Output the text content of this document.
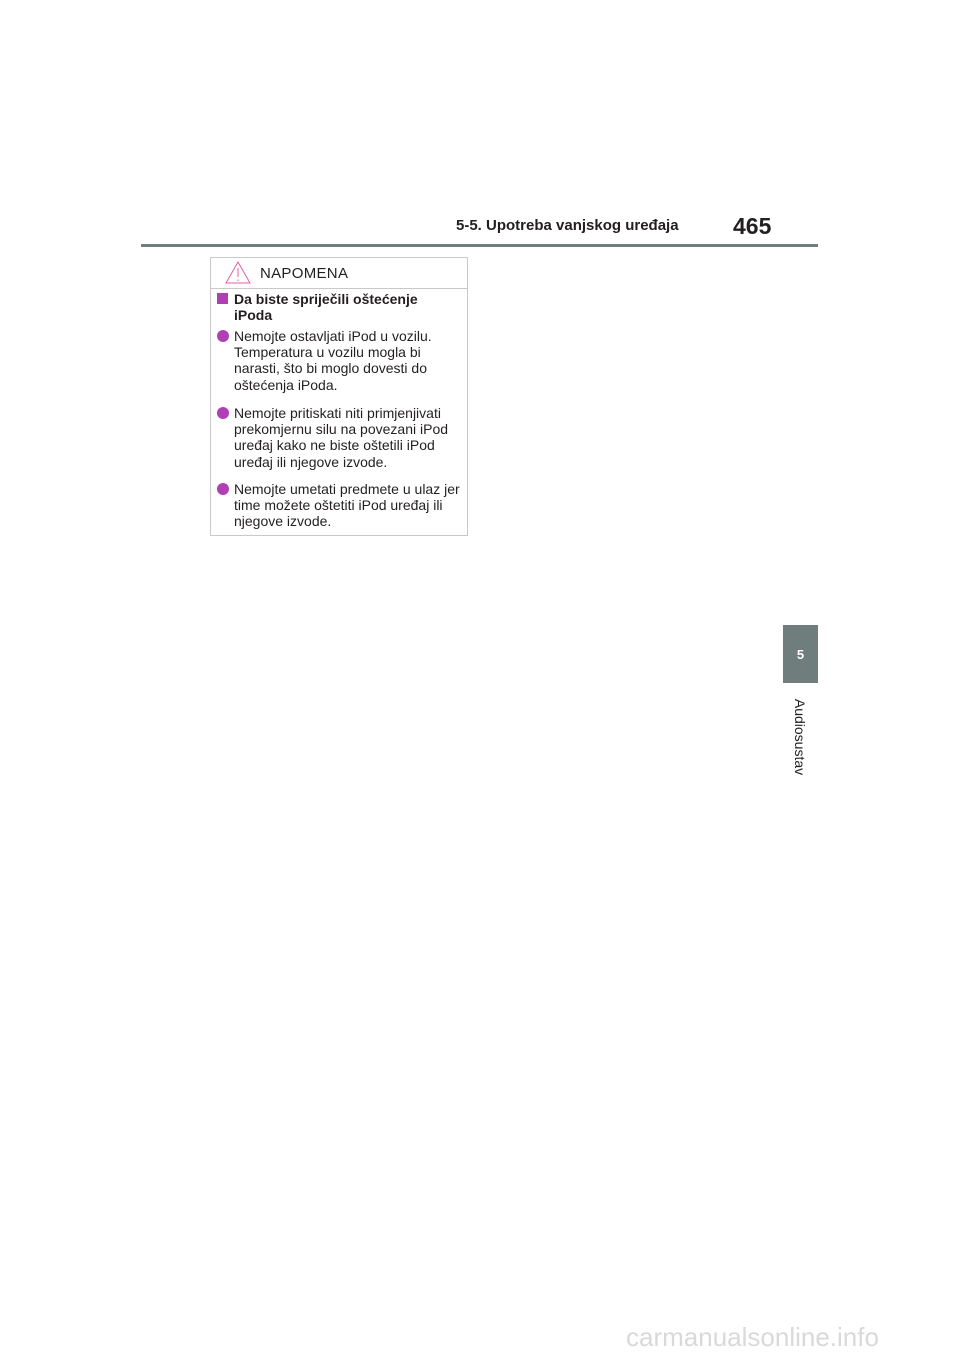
5-5. Upotreba vanjskog uređaja 465
NAPOMENA
Da biste spriječili oštećenje iPoda
Nemojte ostavljati iPod u vozilu. Temperatura u vozilu mogla bi narasti, što bi moglo dovesti do oštećenja iPoda.
Nemojte pritiskati niti primjenjivati prekomjernu silu na povezani iPod uređaj kako ne biste oštetili iPod uređaj ili njegove izvode.
Nemojte umetati predmete u ulaz jer time možete oštetiti iPod uređaj ili njegove izvode.
5
Audiosustav
carmanualsonline.info
